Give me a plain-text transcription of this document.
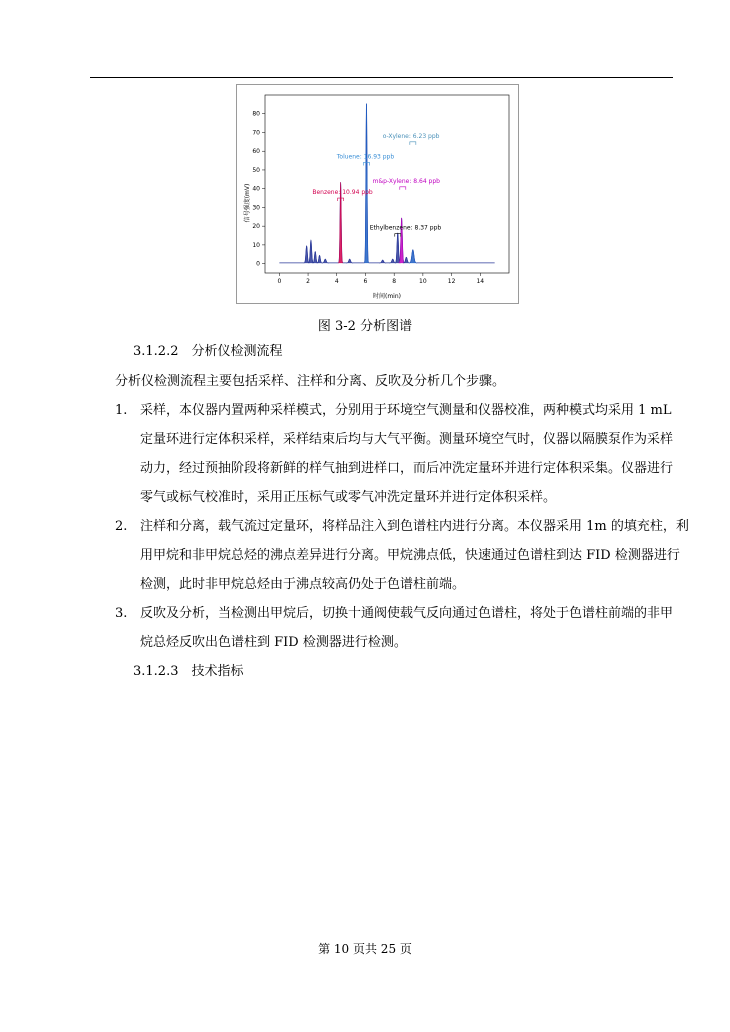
0	2	4	6	8	10	12	14
0
10
20
30
40
50
60
70
80
Benzene: 10.94 ppb
Toluene: 16.93 ppb
m&p-Xylene: 8.64 ppb
o-Xylene: 6.23 ppb
Ethylbenzene: 8.37 ppb
信号强度(mV)
时间(min)
图 3-2 分析图谱
3.1.2.2　分析仪检测流程
分析仪检测流程主要包括采样、注样和分离、反吹及分析几个步骤。
1. 采样，本仪器内置两种采样模式，分别用于环境空气测量和仪器校准，两种模式均采用 1 mL
定量环进行定体积采样，采样结束后均与大气平衡。测量环境空气时，仪器以隔膜泵作为采样
动力，经过预抽阶段将新鲜的样气抽到进样口，而后冲洗定量环并进行定体积采集。仪器进行
零气或标气校准时，采用正压标气或零气冲洗定量环并进行定体积采样。
2. 注样和分离，载气流过定量环，将样品注入到色谱柱内进行分离。本仪器采用 1m 的填充柱，利
用甲烷和非甲烷总烃的沸点差异进行分离。甲烷沸点低，快速通过色谱柱到达 FID 检测器进行
检测，此时非甲烷总烃由于沸点较高仍处于色谱柱前端。
3. 反吹及分析，当检测出甲烷后，切换十通阀使载气反向通过色谱柱，将处于色谱柱前端的非甲
烷总烃反吹出色谱柱到 FID 检测器进行检测。
3.1.2.3　技术指标
第 10 页共 25 页
